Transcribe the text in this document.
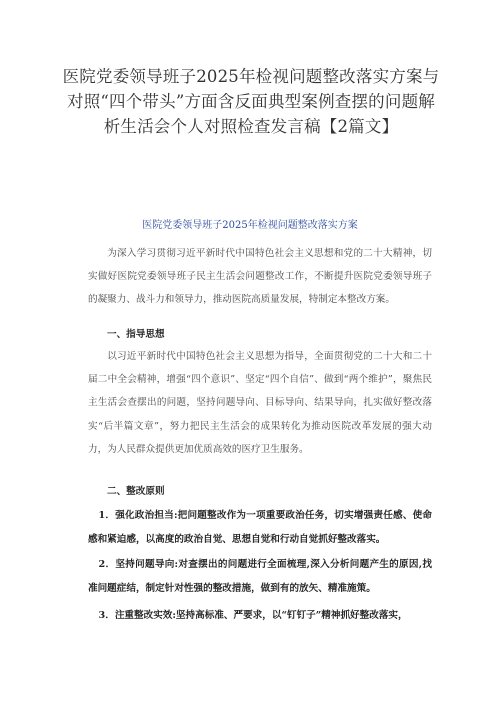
医院党委领导班子2025年检视问题整改落实方案与
对照“四个带头”方面含反面典型案例查摆的问题解
析生活会个人对照检查发言稿【2篇文】
医院党委领导班子2025年检视问题整改落实方案

为深入学习贯彻习近平新时代中国特色社会主义思想和党的二十大精神，切实做好医院党委领导班子民主生活会问题整改工作，不断提升医院党委领导班子的凝聚力、战斗力和领导力，推动医院高质量发展，特制定本整改方案。

一、指导思想

以习近平新时代中国特色社会主义思想为指导，全面贯彻党的二十大和二十届二中全会精神，增强“四个意识”、坚定“四个自信”、做到“两个维护”，聚焦民主生活会查摆出的问题，坚持问题导向、目标导向、结果导向，扎实做好整改落实“后半篇文章”，努力把民主生活会的成果转化为推动医院改革发展的强大动力，为人民群众提供更加优质高效的医疗卫生服务。

二、整改原则

1．强化政治担当:把问题整改作为一项重要政治任务，切实增强责任感、使命感和紧迫感，以高度的政治自觉、思想自觉和行动自觉抓好整改落实。

2．坚持问题导向:对查摆出的问题进行全面梳理,深入分析问题产生的原因,找准问题症结，制定针对性强的整改措施，做到有的放矢、精准施策。

3．注重整改实效:坚持高标准、严要求，以“钉钉子”精神抓好整改落实，
